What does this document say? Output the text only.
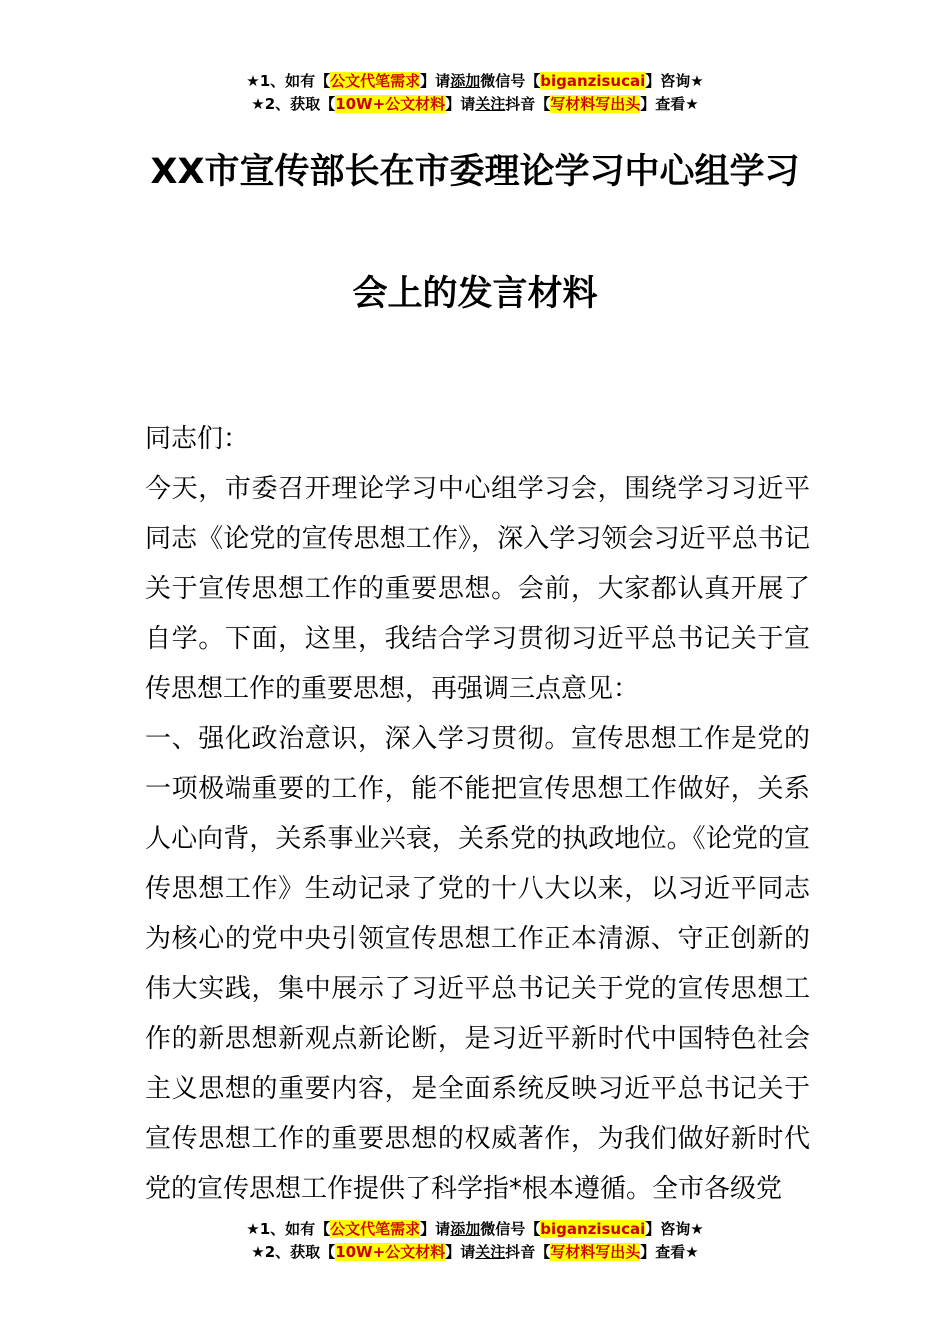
★1、如有【公文代笔需求】请添加微信号【biganzisucai】咨询★
★2、获取【10W+公文材料】请关注抖音【写材料写出头】查看★
XX市宣传部长在市委理论学习中心组学习
会上的发言材料

同志们：

今天，市委召开理论学习中心组学习会，围绕学习习近平同志《论党的宣传思想工作》，深入学习领会习近平总书记关于宣传思想工作的重要思想。会前，大家都认真开展了自学。下面，这里，我结合学习贯彻习近平总书记关于宣传思想工作的重要思想，再强调三点意见：

一、强化政治意识，深入学习贯彻。宣传思想工作是党的一项极端重要的工作，能不能把宣传思想工作做好，关系人心向背，关系事业兴衰，关系党的执政地位。《论党的宣传思想工作》生动记录了党的十八大以来，以习近平同志为核心的党中央引领宣传思想工作正本清源、守正创新的伟大实践，集中展示了习近平总书记关于党的宣传思想工作的新思想新观点新论断，是习近平新时代中国特色社会主义思想的重要内容，是全面系统反映习近平总书记关于宣传思想工作的重要思想的权威著作，为我们做好新时代党的宣传思想工作提供了科学指*根本遵循。全市各级党

★1、如有【公文代笔需求】请添加微信号【biganzisucai】咨询★
★2、获取【10W+公文材料】请关注抖音【写材料写出头】查看★
